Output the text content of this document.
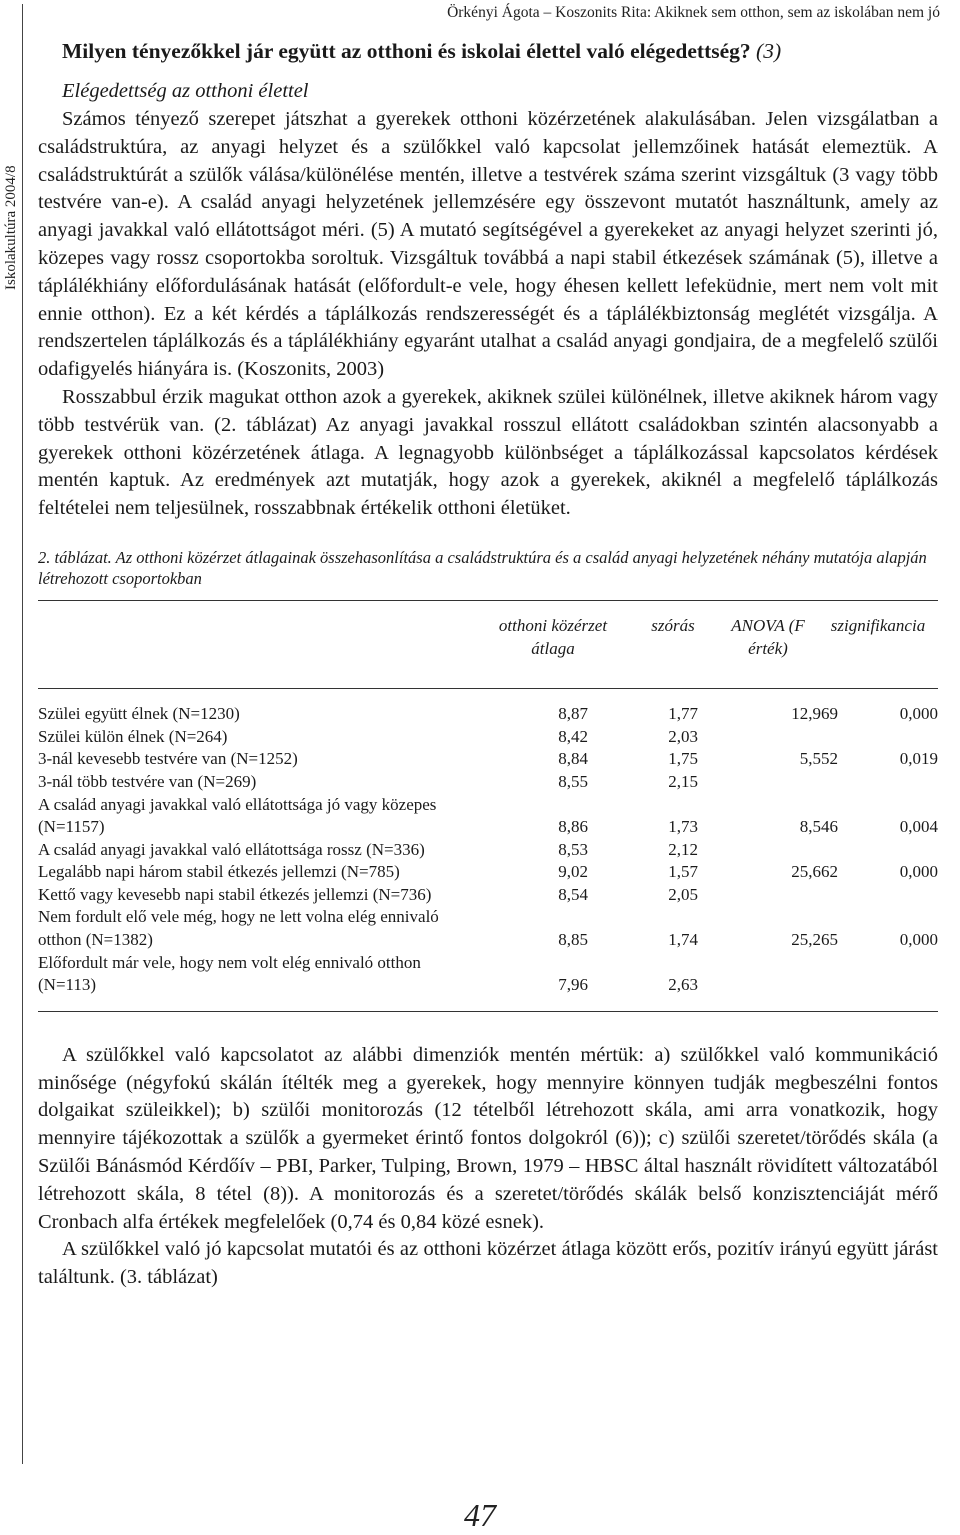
Örkényi Ágota – Koszonits Rita: Akiknek sem otthon, sem az iskolában nem jó
Iskolakultúra 2004/8
Milyen tényezőkkel jár együtt az otthoni és iskolai élettel való elégedettség? (3)
Elégedettség az otthoni élettel

Számos tényező szerepet játszhat a gyerekek otthoni közérzetének alakulásában. Jelen vizsgálatban a családstruktúra, az anyagi helyzet és a szülőkkel való kapcsolat jellemzőinek hatását elemeztük. A családstruktúrát a szülők válása/különélése mentén, illetve a testvérek száma szerint vizsgáltuk (3 vagy több testvére van-e). A család anyagi helyzetének jellemzésére egy összevont mutatót használtunk, amely az anyagi javakkal való ellátottságot méri. (5) A mutató segítségével a gyerekeket az anyagi helyzet szerinti jó, közepes vagy rossz csoportokba soroltuk. Vizsgáltuk továbbá a napi stabil étkezések számának (5), illetve a táplálékhiány előfordulásának hatását (előfordult-e vele, hogy éhesen kellett lefeküdnie, mert nem volt mit ennie otthon). Ez a két kérdés a táplálkozás rendszerességét és a táplálékbiztonság meglétét vizsgálja. A rendszertelen táplálkozás és a táplálékhiány egyaránt utalhat a család anyagi gondjaira, de a megfelelő szülői odafigyelés hiányára is. (Koszonits, 2003)

Rosszabbul érzik magukat otthon azok a gyerekek, akiknek szülei különélnek, illetve akiknek három vagy több testvérük van. (2. táblázat) Az anyagi javakkal rosszul ellátott családokban szintén alacsonyabb a gyerekek otthoni közérzetének átlaga. A legnagyobb különbséget a táplálkozással kapcsolatos kérdések mentén kaptuk. Az eredmények azt mutatják, hogy azok a gyerekek, akiknél a megfelelő táplálkozás feltételei nem teljesülnek, rosszabbnak értékelik otthoni életüket.

2. táblázat. Az otthoni közérzet átlagainak összehasonlítása a családstruktúra és a család anyagi helyzetének néhány mutatója alapján létrehozott csoportokban
	otthoni közérzet átlaga	szórás	ANOVA (F érték)	szignifikancia
Szülei együtt élnek (N=1230)	8,87	1,77	12,969	0,000
Szülei külön élnek (N=264)	8,42	2,03		
3-nál kevesebb testvére van (N=1252)	8,84	1,75	5,552	0,019
3-nál több testvére van (N=269)	8,55	2,15		
A család anyagi javakkal való ellátottsága jó vagy közepes (N=1157)	8,86	1,73	8,546	0,004
A család anyagi javakkal való ellátottsága rossz (N=336)	8,53	2,12		
Legalább napi három stabil étkezés jellemzi (N=785)	9,02	1,57	25,662	0,000
Kettő vagy kevesebb napi stabil étkezés jellemzi (N=736)	8,54	2,05		
Nem fordult elő vele még, hogy ne lett volna elég ennivaló otthon (N=1382)	8,85	1,74	25,265	0,000
Előfordult már vele, hogy nem volt elég ennivaló otthon (N=113)	7,96	2,63		

A szülőkkel való kapcsolatot az alábbi dimenziók mentén mértük: a) szülőkkel való kommunikáció minősége (négyfokú skálán ítélték meg a gyerekek, hogy mennyire könnyen tudják megbeszélni fontos dolgaikat szüleikkel); b) szülői monitorozás (12 tételből létrehozott skála, ami arra vonatkozik, hogy mennyire tájékozottak a szülők a gyermeket érintő fontos dolgokról (6)); c) szülői szeretet/törődés skála (a Szülői Bánásmód Kérdőív – PBI, Parker, Tulping, Brown, 1979 – HBSC által használt rövidített változatából létrehozott skála, 8 tétel (8)). A monitorozás és a szeretet/törődés skálák belső konzisztenciáját mérő Cronbach alfa értékek megfelelőek (0,74 és 0,84 közé esnek).

A szülőkkel való jó kapcsolat mutatói és az otthoni közérzet átlaga között erős, pozitív irányú együtt járást találtunk. (3. táblázat)

47
